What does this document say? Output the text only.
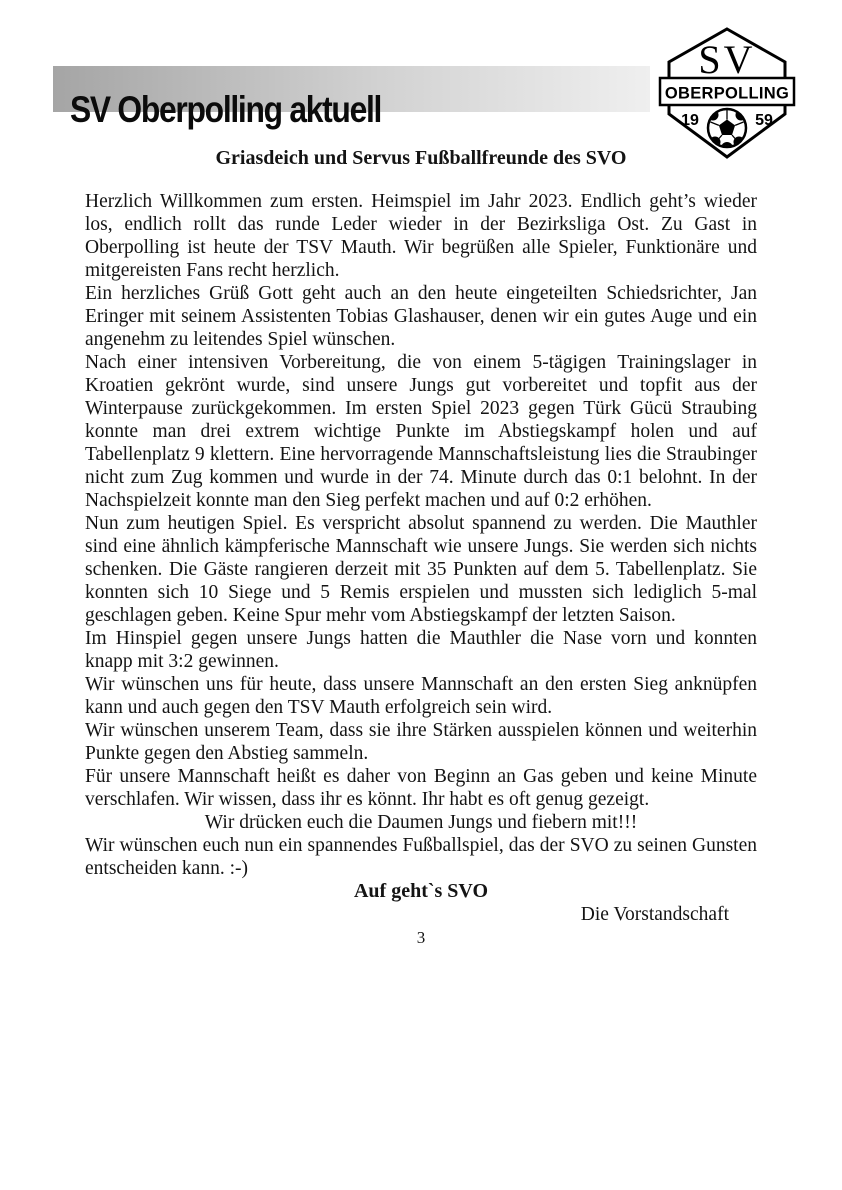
SV Oberpolling aktuell
SV
OBERPOLLING
19	59
Griasdeich und Servus Fußballfreunde des SVO

Herzlich Willkommen zum ersten. Heimspiel im Jahr 2023. Endlich geht’s wieder los, endlich rollt das runde Leder wieder in der Bezirksliga Ost. Zu Gast in Oberpolling ist heute der TSV Mauth. Wir begrüßen alle Spieler, Funktionäre und mitgereisten Fans recht herzlich.

Ein herzliches Grüß Gott geht auch an den heute eingeteilten Schiedsrichter, Jan Eringer mit seinem Assistenten Tobias Glashauser, denen wir ein gutes Auge und ein angenehm zu leitendes Spiel wünschen.

Nach einer intensiven Vorbereitung, die von einem 5-tägigen Trainingslager in Kroatien gekrönt wurde, sind unsere Jungs gut vorbereitet und topfit aus der Winterpause zurückgekommen. Im ersten Spiel 2023 gegen Türk Gücü Straubing konnte man drei extrem wichtige Punkte im Abstiegskampf holen und auf Tabellenplatz 9 klettern. Eine hervorragende Mannschaftsleistung lies die Straubinger nicht zum Zug kommen und wurde in der 74. Minute durch das 0:1 belohnt. In der Nachspielzeit konnte man den Sieg perfekt machen und auf 0:2 erhöhen.

Nun zum heutigen Spiel. Es verspricht absolut spannend zu werden. Die Mauthler sind eine ähnlich kämpferische Mannschaft wie unsere Jungs. Sie werden sich nichts schenken. Die Gäste rangieren derzeit mit 35 Punkten auf dem 5. Tabellenplatz. Sie konnten sich 10 Siege und 5 Remis erspielen und mussten sich lediglich 5-mal geschlagen geben. Keine Spur mehr vom Abstiegskampf der letzten Saison.

Im Hinspiel gegen unsere Jungs hatten die Mauthler die Nase vorn und konnten knapp mit 3:2 gewinnen.

Wir wünschen uns für heute, dass unsere Mannschaft an den ersten Sieg anknüpfen kann und auch gegen den TSV Mauth erfolgreich sein wird.

Wir wünschen unserem Team, dass sie ihre Stärken ausspielen können und weiterhin Punkte gegen den Abstieg sammeln.

Für unsere Mannschaft heißt es daher von Beginn an Gas geben und keine Minute verschlafen. Wir wissen, dass ihr es könnt. Ihr habt es oft genug gezeigt.

Wir drücken euch die Daumen Jungs und fiebern mit!!!

Wir wünschen euch nun ein spannendes Fußballspiel, das der SVO zu seinen Gunsten entscheiden kann. :-)

Auf geht`s SVO

Die Vorstandschaft

3
